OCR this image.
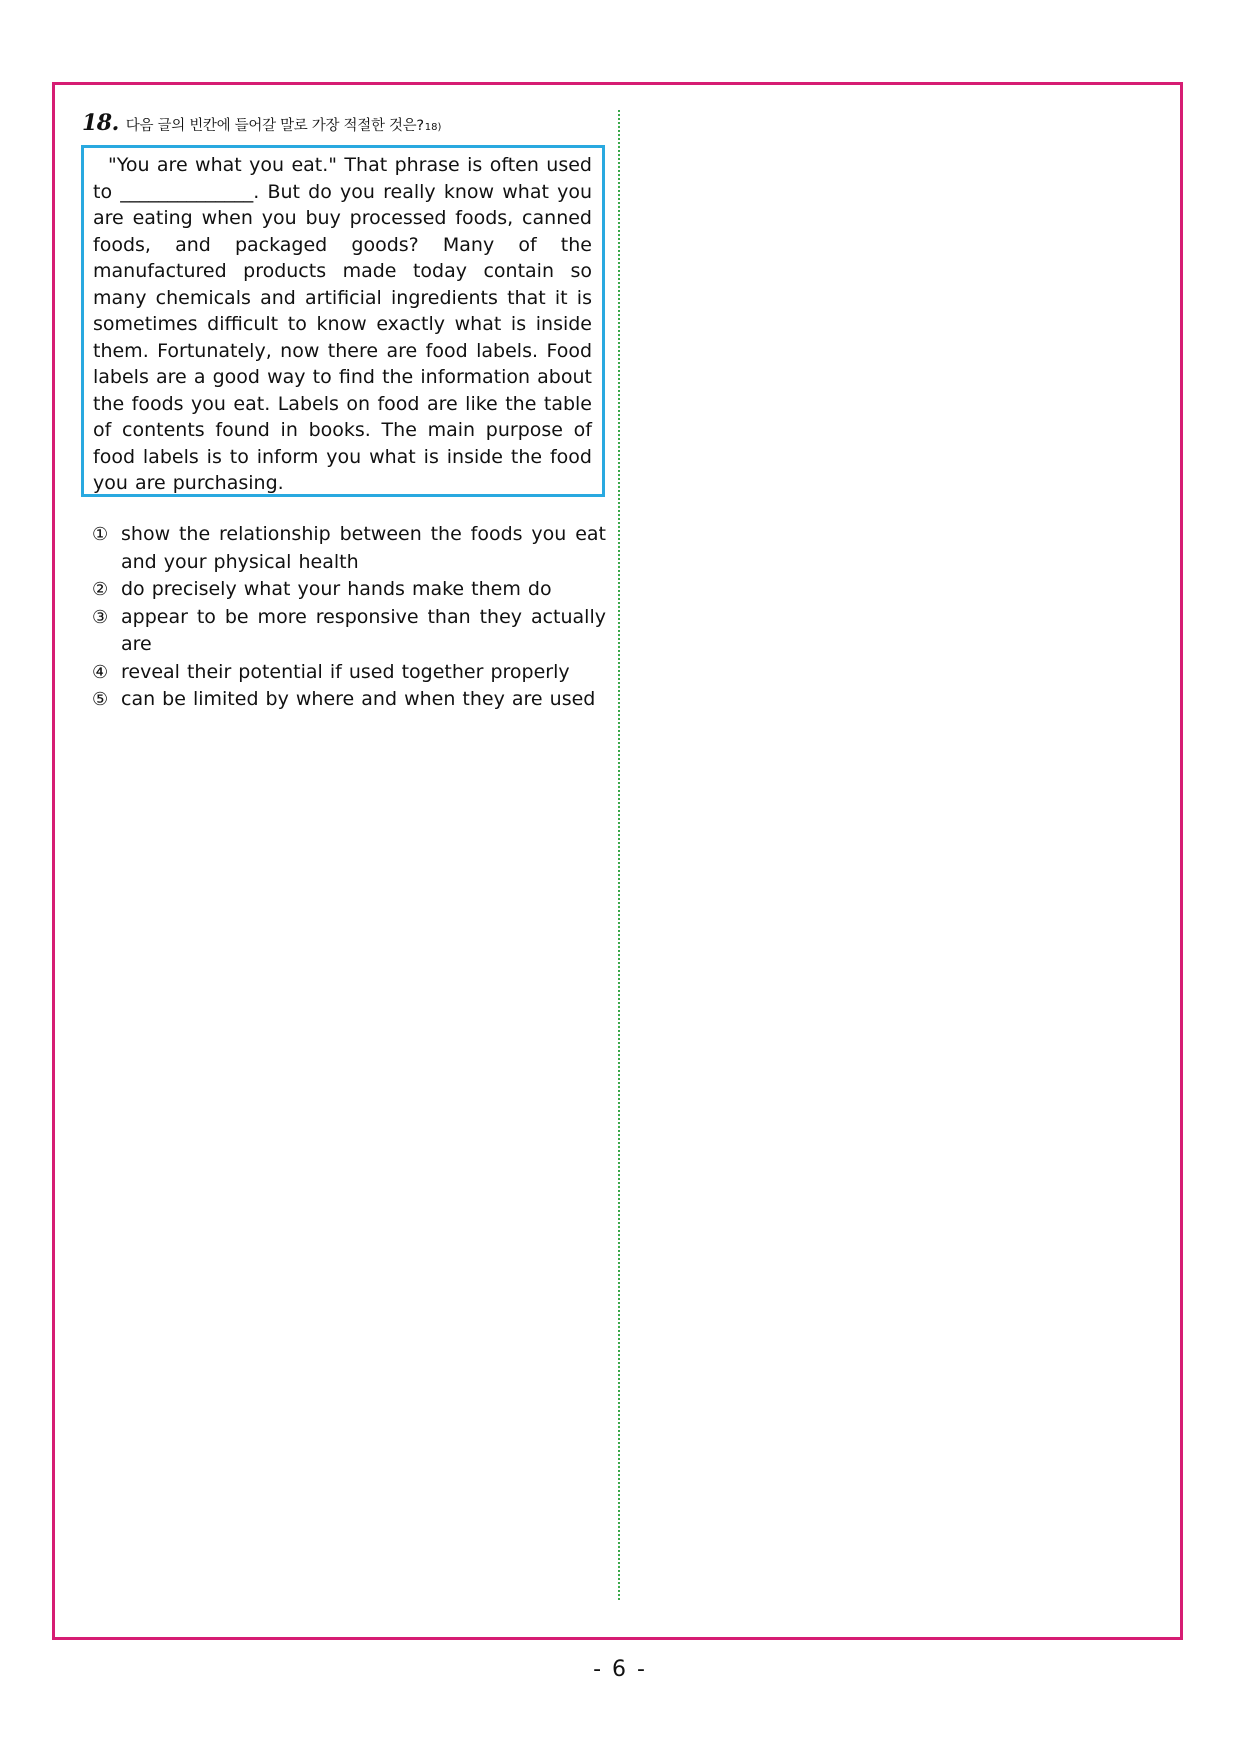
18. 다음 글의 빈칸에 들어갈 말로 가장 적절한 것은? 18)

"You are what you eat." That phrase is often used to ______________. But do you really know what you are eating when you buy processed foods, canned foods, and packaged goods? Many of the manufactured products made today contain so many chemicals and artificial ingredients that it is sometimes difficult to know exactly what is inside them. Fortunately, now there are food labels. Food labels are a good way to find the information about the foods you eat. Labels on food are like the table of contents found in books. The main purpose of food labels is to inform you what is inside the food you are purchasing.

① show the relationship between the foods you eat and your physical health
② do precisely what your hands make them do
③ appear to be more responsive than they actually are
④ reveal their potential if used together properly
⑤ can be limited by where and when they are used
- 6 -
